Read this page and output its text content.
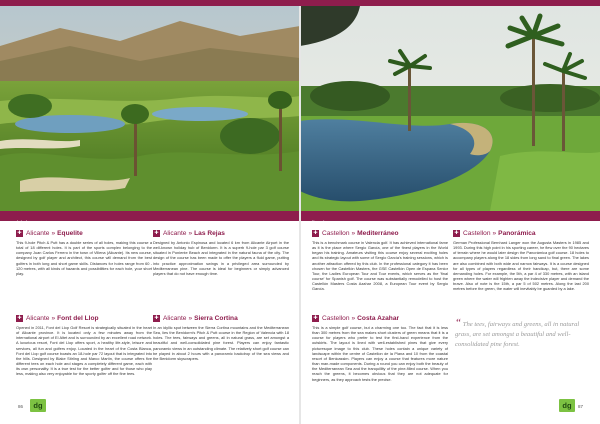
Font del Llop	Mediterráneo
✚ Alicante » Equelite

This 9-hole Pitch & Putt has a double series of all holes, making this course a total of 18 different holes. It is part of the sports complex belonging to the company Juan Carlos Ferrero in the town of Villena (Alicante). Its new course, designed by golf player and architect, this course will demand from the best golfers in both long and short game skills. Distances for holes range from 60 - 120 metres, with all kinds of hazards and possibilities for each hole, your short play.

✚ Alicante » Las Rejas

Designed by Antonio Espinosa and located 6 km from Alicante Airport in the well-known holiday hub of Benidorm. It is a superb 9-hole par 3 golf course situated in Poniente Beach and integrated in the natural fauna of the city. The design of the course has been made to offer the players a fluid game, putting into practice approximation swings in a privileged area surrounded by Mediterranean pine. The course is ideal for beginners or simply advanced players that do not have enough time.

✚ Alicante » Font del Llop

Opened in 2011, Font del Llop Golf Resort is strategically situated in the heart of Alicante province. It is located only a few minutes away from the international airport of El Altet and is surrounded by an excellent road network. A luxurious resort, Font del Llop offers sport, a healthy life-style, leisure and services, all fun and golfers enjoy. Located in the heart of the Costa Blanca, Font del Llop golf course boasts an 18-hole par 72 layout that is integrated into the hills. Designed by Blake Stirling and Marco Martín, the course offers five different tees on each hole and stages a completely different game, each with its own personality. It is a true test for the better golfer and for those who play less, making also very enjoyable for the sporty golfer off the fine tees.

✚ Alicante » Sierra Cortina

In an idyllic spot between the Sierra Cortina mountains and the Mediterranean Sea, lies the Benidorm's Pitch & Putt course in the Region of Valencia with 18 holes. The tees, fairways and greens, all in natural grass, are set amongst a beautiful and well-consolidated pine forest. Players can enjoy fantastic panoramic views in an outstanding climate. The relatively short golf course can be played in about 2 hours with a panoramic backdrop of the sea views and the Benidorm skyscrapers.

✚ Castellon » Mediterráneo

This is a benchmark course in Valencia golf. It has achieved international fame as it is the place where Sergio García, one of the finest players in the World began his training. Amateurs visiting this course enjoy several exciting holes and its strategic layout with some of Sergio García's training sessions, which is another attraction offered by this club. In the professional category it has been chosen for the Castellón Masters, the GSE Castellón Open de Espana Senior Tour, the Ladies European Tour and Tour events, which serves as the 'final course' for Spanish golf. The course was substantially remodelled to host the Castellón Masters Costa Azahar 2008, a European Tour event by Sergio García.

✚ Castellon » Panorámica

German Professional Bernhard Langer won the Augusta Masters in 1985 and 1993. During this high point in his sporting career, he flew over the 90 hectares of terrain where he would later design the Panorámica golf course. 18 holes to accompany players along the 18 sides from long sand to final green. The lakes are also combined with both wide and narrow fairways. It is a course designed for all types of players regardless of their handicap, but, there are some demanding holes. For example, the 5th, a par 4 of 330 metres, with an island green where the water will frighten away the indecisive player and demand the brave. Also of note is the 15th, a par 5 of 502 metres. Along the last 200 metres before the green, the water will inevitably be guarded by a lake.

✚ Castellon » Costa Azahar

This is a simple golf course, but a charming one too. The fact that it is less than 300 metres from the sea makes short clusters of green means that it is a course for players who prefer to test the first-hand experience from the outskirts. The layout is lined with well-established pines that give every picturesque image to this club. These holes contain a unique variety of landscape within the centre of Castellon de la Plana and 10 from the coastal resort of Benicassim. Players can enjoy a course that features more nature than man-made components. During a round you can enjoy both the beauty of the Mediterranean Sea and the tranquillity of the pine-filled course. When you reach the greens, it becomes obvious that they are not adequate for beginners, as they approach tests the precise.

“ The tees, fairways and greens, all in natural grass, are set amongst a beautiful and well-consolidated pine forest.
86	dg	dg	87
